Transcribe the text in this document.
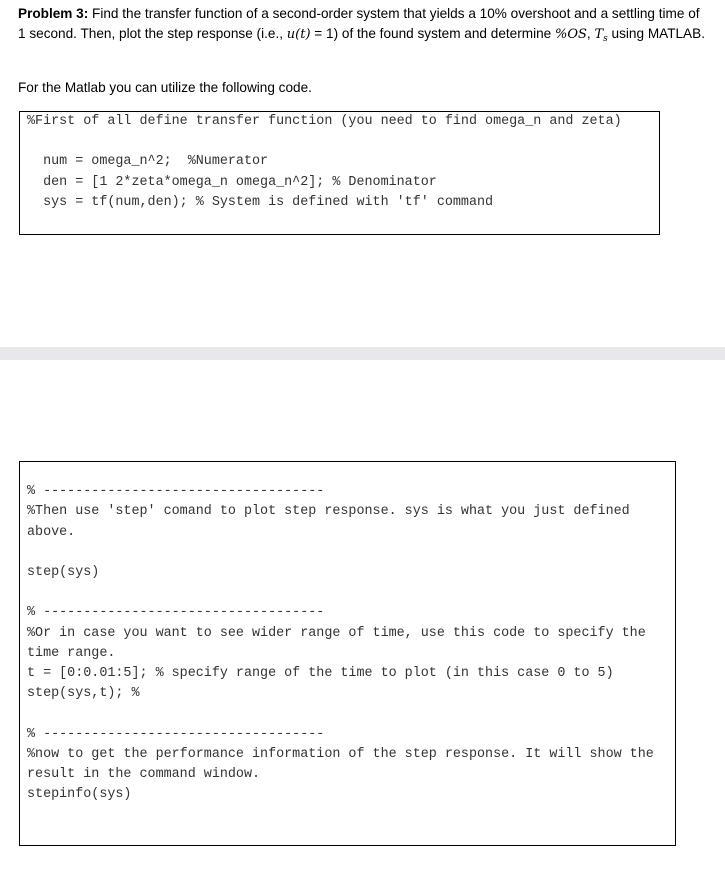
Problem 3: Find the transfer function of a second-order system that yields a 10% overshoot and a settling time of 1 second. Then, plot the step response (i.e., u(t) = 1) of the found system and determine %OS, $T_s$ using MATLAB.

For the Matlab you can utilize the following code.

%First of all define transfer function (you need to find omega_n and zeta)
num = omega_n^2;  %Numerator
den = [1 2*zeta*omega_n omega_n^2]; % Denominator
sys = tf(num,den); % System is defined with 'tf' command
% -----------------------------------
%Then use 'step' comand to plot step response. sys is what you just defined above.
step(sys)
% -----------------------------------
%Or in case you want to see wider range of time, use this code to specify the time range.
t = [0:0.01:5]; % specify range of the time to plot (in this case 0 to 5)
step(sys,t); %
% -----------------------------------
%now to get the performance information of the step response. It will show the result in the command window.
stepinfo(sys)
